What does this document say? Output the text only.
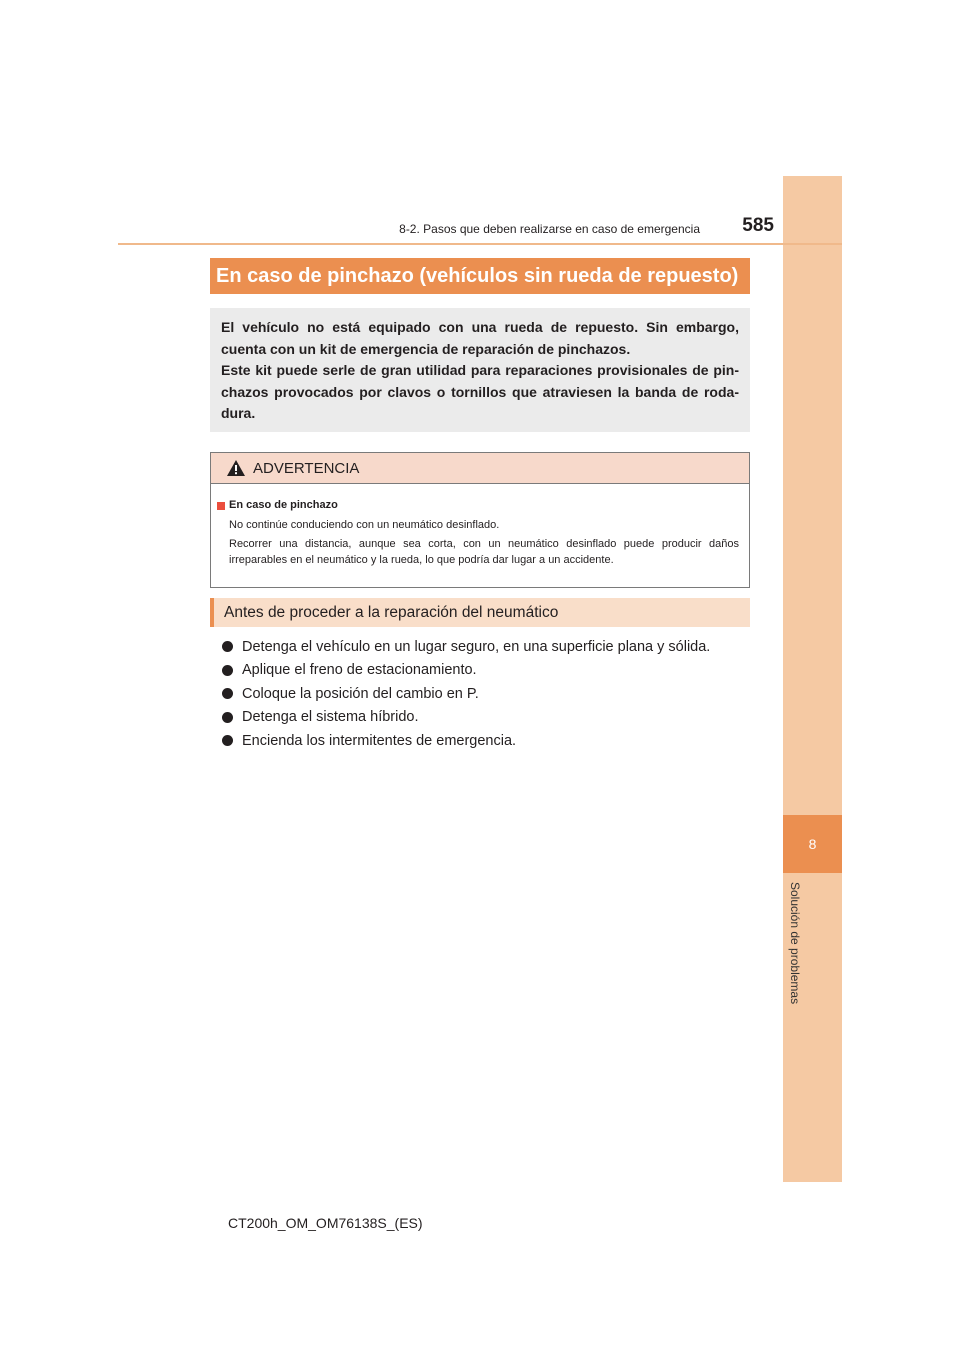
8
Solución de problemas
8-2. Pasos que deben realizarse en caso de emergencia	585
En caso de pinchazo (vehículos sin rueda de repuesto)

El vehículo no está equipado con una rueda de repuesto. Sin embargo, cuenta con un kit de emergencia de reparación de pinchazos.

Este kit puede serle de gran utilidad para reparaciones provisionales de pin-chazos provocados por clavos o tornillos que atraviesen la banda de roda-dura.

ADVERTENCIA
En caso de pinchazo
No continúe conduciendo con un neumático desinflado.
Recorrer una distancia, aunque sea corta, con un neumático desinflado puede producir daños irreparables en el neumático y la rueda, lo que podría dar lugar a un accidente.
Antes de proceder a la reparación del neumático
Detenga el vehículo en un lugar seguro, en una superficie plana y sólida.
Aplique el freno de estacionamiento.
Coloque la posición del cambio en P.
Detenga el sistema híbrido.
Encienda los intermitentes de emergencia.
CT200h_OM_OM76138S_(ES)
